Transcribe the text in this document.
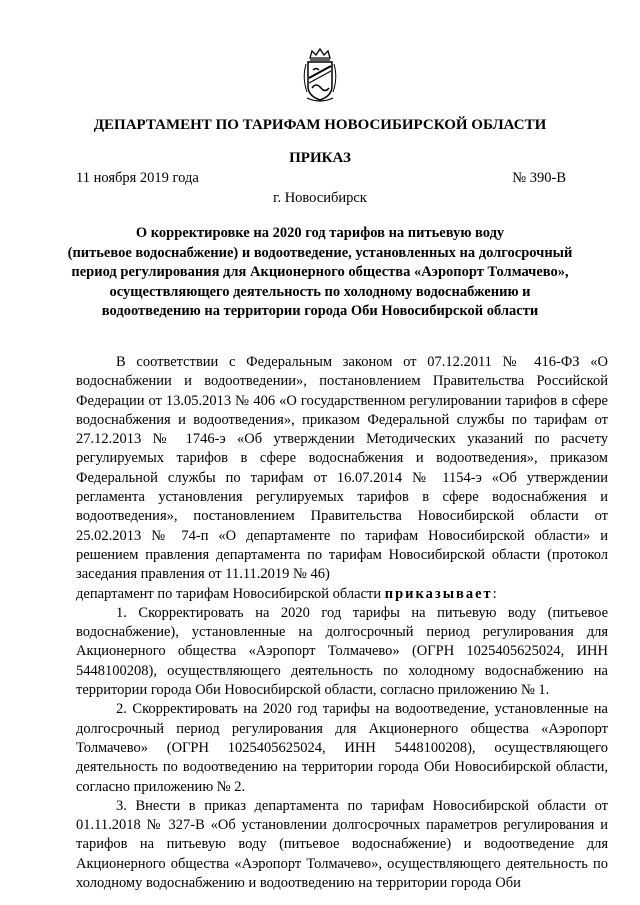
ДЕПАРТАМЕНТ ПО ТАРИФАМ НОВОСИБИРСКОЙ ОБЛАСТИ
ПРИКАЗ
11 ноября 2019 года	№ 390-В
г. Новосибирск
О корректировке на 2020 год тарифов на питьевую воду
(питьевое водоснабжение) и водоотведение, установленных на долгосрочный
период регулирования для Акционерного общества «Аэропорт Толмачево»,
осуществляющего деятельность по холодному водоснабжению и
водоотведению на территории города Оби Новосибирской области

В соответствии с Федеральным законом от 07.12.2011 № 416-ФЗ «О водоснабжении и водоотведении», постановлением Правительства Российской Федерации от 13.05.2013 № 406 «О государственном регулировании тарифов в сфере водоснабжения и водоотведения», приказом Федеральной службы по тарифам от 27.12.2013 № 1746-э «Об утверждении Методических указаний по расчету регулируемых тарифов в сфере водоснабжения и водоотведения», приказом Федеральной службы по тарифам от 16.07.2014 № 1154-э «Об утверждении регламента установления регулируемых тарифов в сфере водоснабжения и водоотведения», постановлением Правительства Новосибирской области от 25.02.2013 № 74-п «О департаменте по тарифам Новосибирской области» и решением правления департамента по тарифам Новосибирской области (протокол заседания правления от 11.11.2019 № 46)

департамент по тарифам Новосибирской области приказывает:

1. Скорректировать на 2020 год тарифы на питьевую воду (питьевое водоснабжение), установленные на долгосрочный период регулирования для Акционерного общества «Аэропорт Толмачево» (ОГРН 1025405625024, ИНН 5448100208), осуществляющего деятельность по холодному водоснабжению на территории города Оби Новосибирской области, согласно приложению № 1.

2. Скорректировать на 2020 год тарифы на водоотведение, установленные на долгосрочный период регулирования для Акционерного общества «Аэропорт Толмачево» (ОГРН 1025405625024, ИНН 5448100208), осуществляющего деятельность по водоотведению на территории города Оби Новосибирской области, согласно приложению № 2.

3. Внести в приказ департамента по тарифам Новосибирской области от 01.11.2018 № 327-В «Об установлении долгосрочных параметров регулирования и тарифов на питьевую воду (питьевое водоснабжение) и водоотведение для Акционерного общества «Аэропорт Толмачево», осуществляющего деятельность по холодному водоснабжению и водоотведению на территории города Оби
